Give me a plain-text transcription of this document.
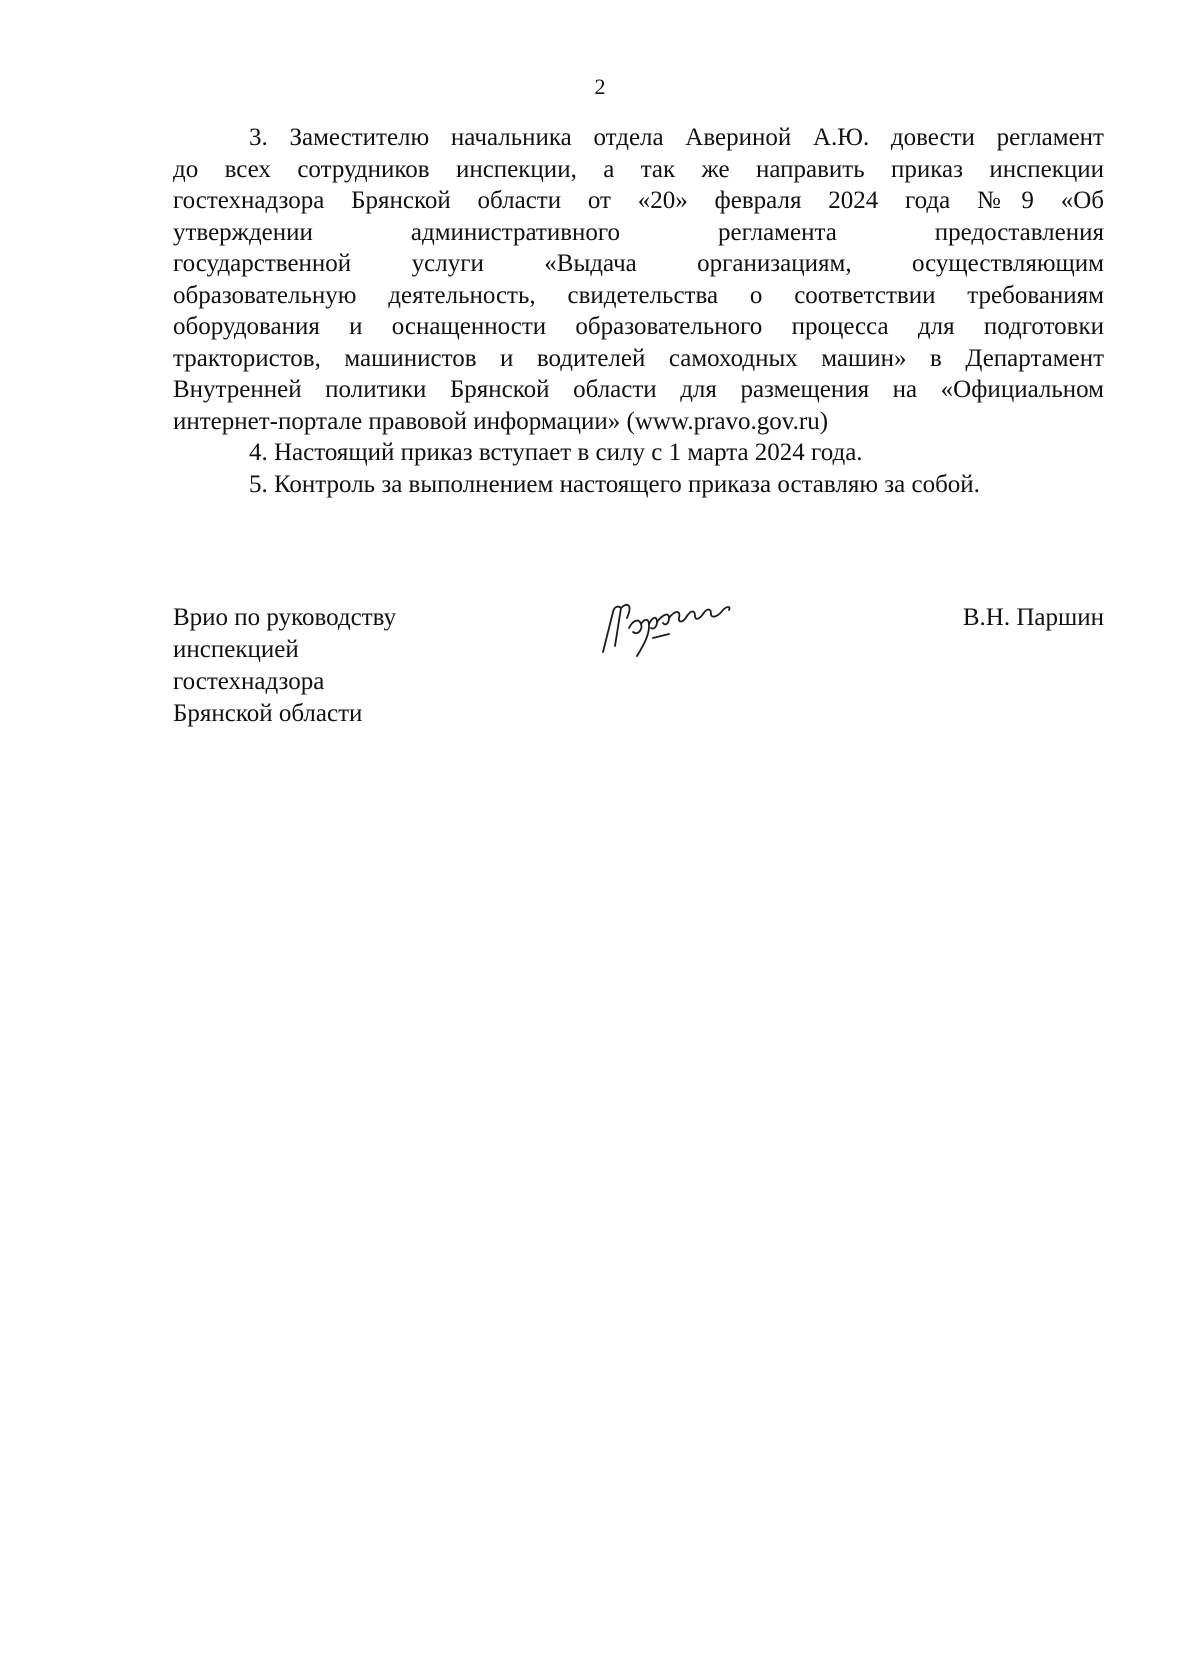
2
3. Заместителю начальника отдела Авериной А.Ю. довести регламент
до всех сотрудников инспекции, а так же направить приказ инспекции
гостехнадзора Брянской области от «20» февраля 2024 года №9 «Об
утверждении административного регламента предоставления
государственной услуги «Выдача организациям, осуществляющим
образовательную деятельность, свидетельства о соответствии требованиям
оборудования и оснащенности образовательного процесса для подготовки
трактористов, машинистов и водителей самоходных машин» в Департамент
Внутренней политики Брянской области для размещения на «Официальном
интернет-портале правовой информации» (www.pravo.gov.ru)
4. Настоящий приказ вступает в силу с 1 марта 2024 года.
5. Контроль за выполнением настоящего приказа оставляю за собой.
Врио по руководству
инспекцией
гостехнадзора
Брянской области
В.Н. Паршин
